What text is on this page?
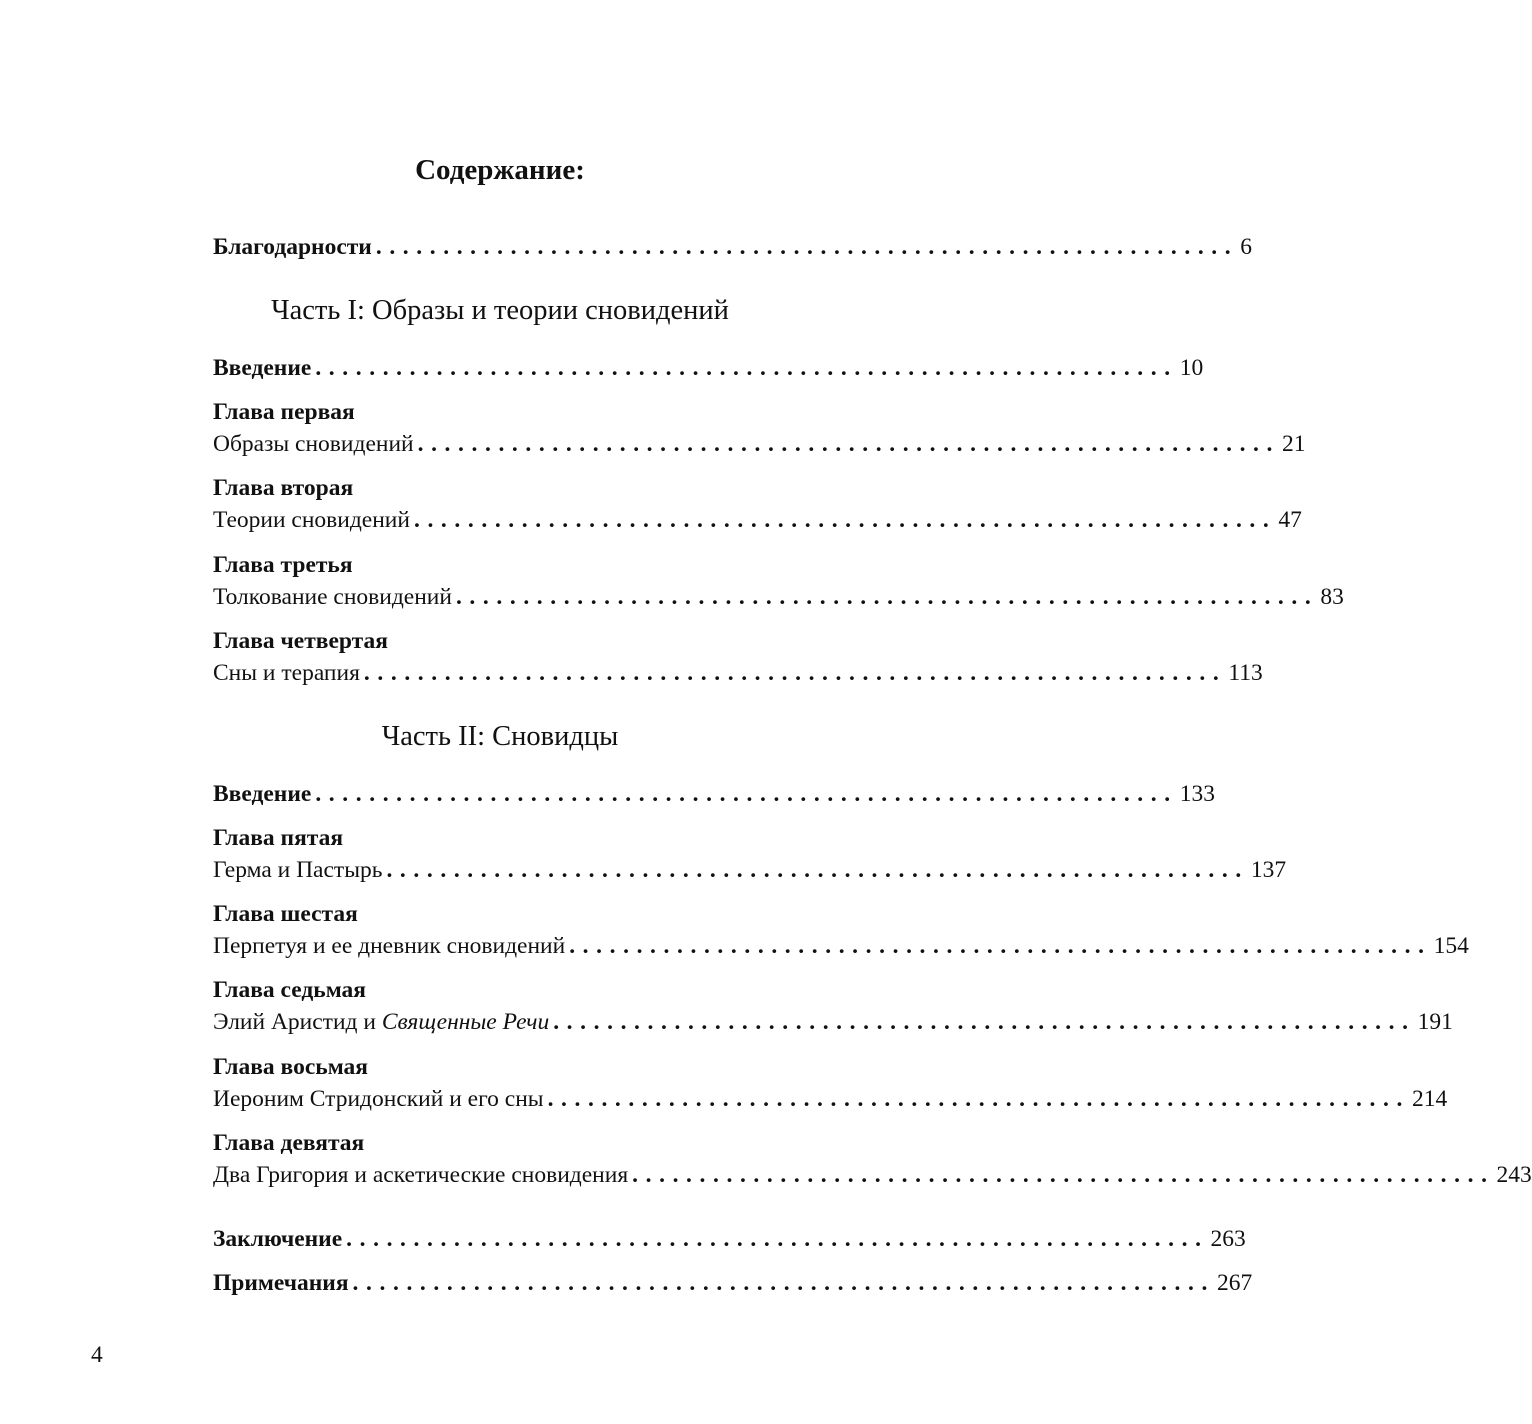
Содержание:
Благодарности ................................................................ 6
Часть I: Образы и теории сновидений
Введение ................................................................ 10
Глава первая
Образы сновидений ................................................................ 21
Глава вторая
Теории сновидений ................................................................ 47
Глава третья
Толкование сновидений ................................................................ 83
Глава четвертая
Сны и терапия ................................................................ 113
Часть II: Сновидцы
Введение ................................................................ 133
Глава пятая
Герма и Пастырь ................................................................ 137
Глава шестая
Перпетуя и ее дневник сновидений ................................................................ 154
Глава седьмая
Элий Аристид и Священные Речи ................................................................ 191
Глава восьмая
Иероним Стридонский и его сны ................................................................ 214
Глава девятая
Два Григория и аскетические сновидения ................................................................ 243
Заключение ................................................................ 263
Примечания ................................................................ 267
4
